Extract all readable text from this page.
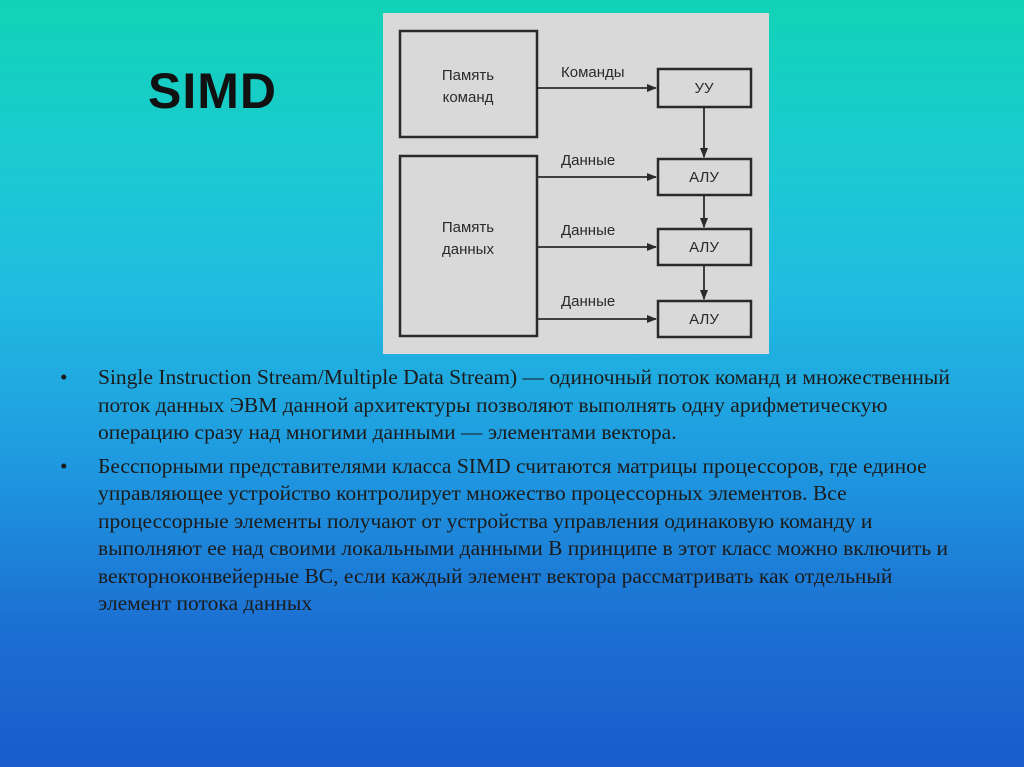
SIMD	Память
команд
Память
данных
УУ
АЛУ
АЛУ
АЛУ
Команды
Данные
Данные
Данные
• Single Instruction Stream/Multiple Data Stream) — одиночный поток команд и множественный поток данных ЭВМ данной архитектуры позволяют выполнять одну арифметическую операцию сразу над многими данными — элементами вектора.
• Бесспорными представителями класса SIMD считаются матрицы процессоров, где единое управляющее устройство контролирует множество процессорных элементов. Все процессорные элементы получают от устройства управления одинаковую команду и выполняют ее над своими локальными данными В принципе в этот класс можно включить и векторноконвейерные ВС, если каждый элемент вектора рассматривать как отдельный элемент потока данных
